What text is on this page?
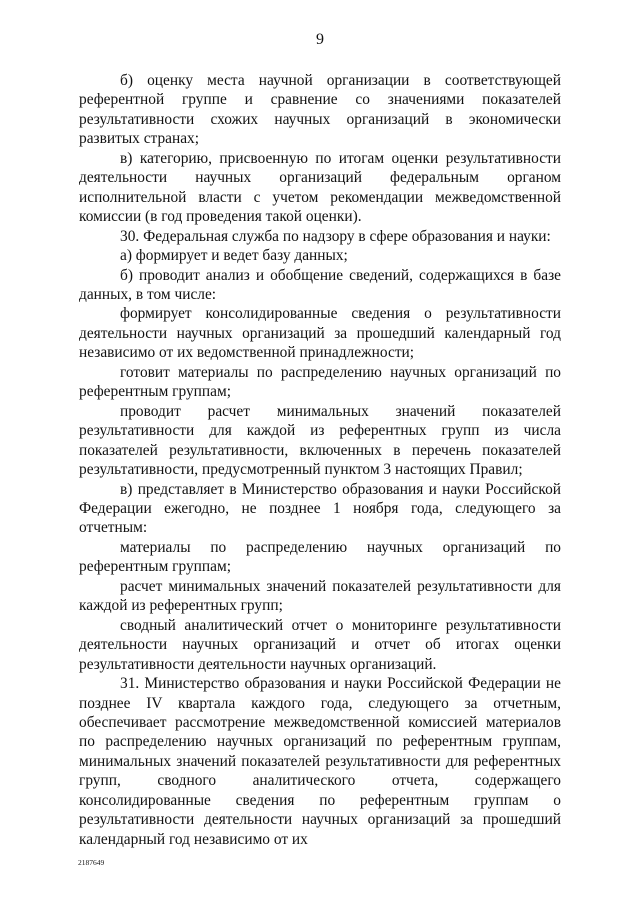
9

б) оценку места научной организации в соответствующей референтной группе и сравнение со значениями показателей результативности схожих научных организаций в экономически развитых странах;

в) категорию, присвоенную по итогам оценки результативности деятельности научных организаций федеральным органом исполнительной власти с учетом рекомендации межведомственной комиссии (в год проведения такой оценки).

30. Федеральная служба по надзору в сфере образования и науки:

а) формирует и ведет базу данных;

б) проводит анализ и обобщение сведений, содержащихся в базе данных, в том числе:

формирует консолидированные сведения о результативности деятельности научных организаций за прошедший календарный год независимо от их ведомственной принадлежности;

готовит материалы по распределению научных организаций по референтным группам;

проводит расчет минимальных значений показателей результативности для каждой из референтных групп из числа показателей результативности, включенных в перечень показателей результативности, предусмотренный пунктом 3 настоящих Правил;

в) представляет в Министерство образования и науки Российской Федерации ежегодно, не позднее 1 ноября года, следующего за отчетным:

материалы по распределению научных организаций по референтным группам;

расчет минимальных значений показателей результативности для каждой из референтных групп;

сводный аналитический отчет о мониторинге результативности деятельности научных организаций и отчет об итогах оценки результативности деятельности научных организаций.

31. Министерство образования и науки Российской Федерации не позднее IV квартала каждого года, следующего за отчетным, обеспечивает рассмотрение межведомственной комиссией материалов по распределению научных организаций по референтным группам, минимальных значений показателей результативности для референтных групп, сводного аналитического отчета, содержащего консолидированные сведения по референтным группам о результативности деятельности научных организаций за прошедший календарный год независимо от их

2187649
